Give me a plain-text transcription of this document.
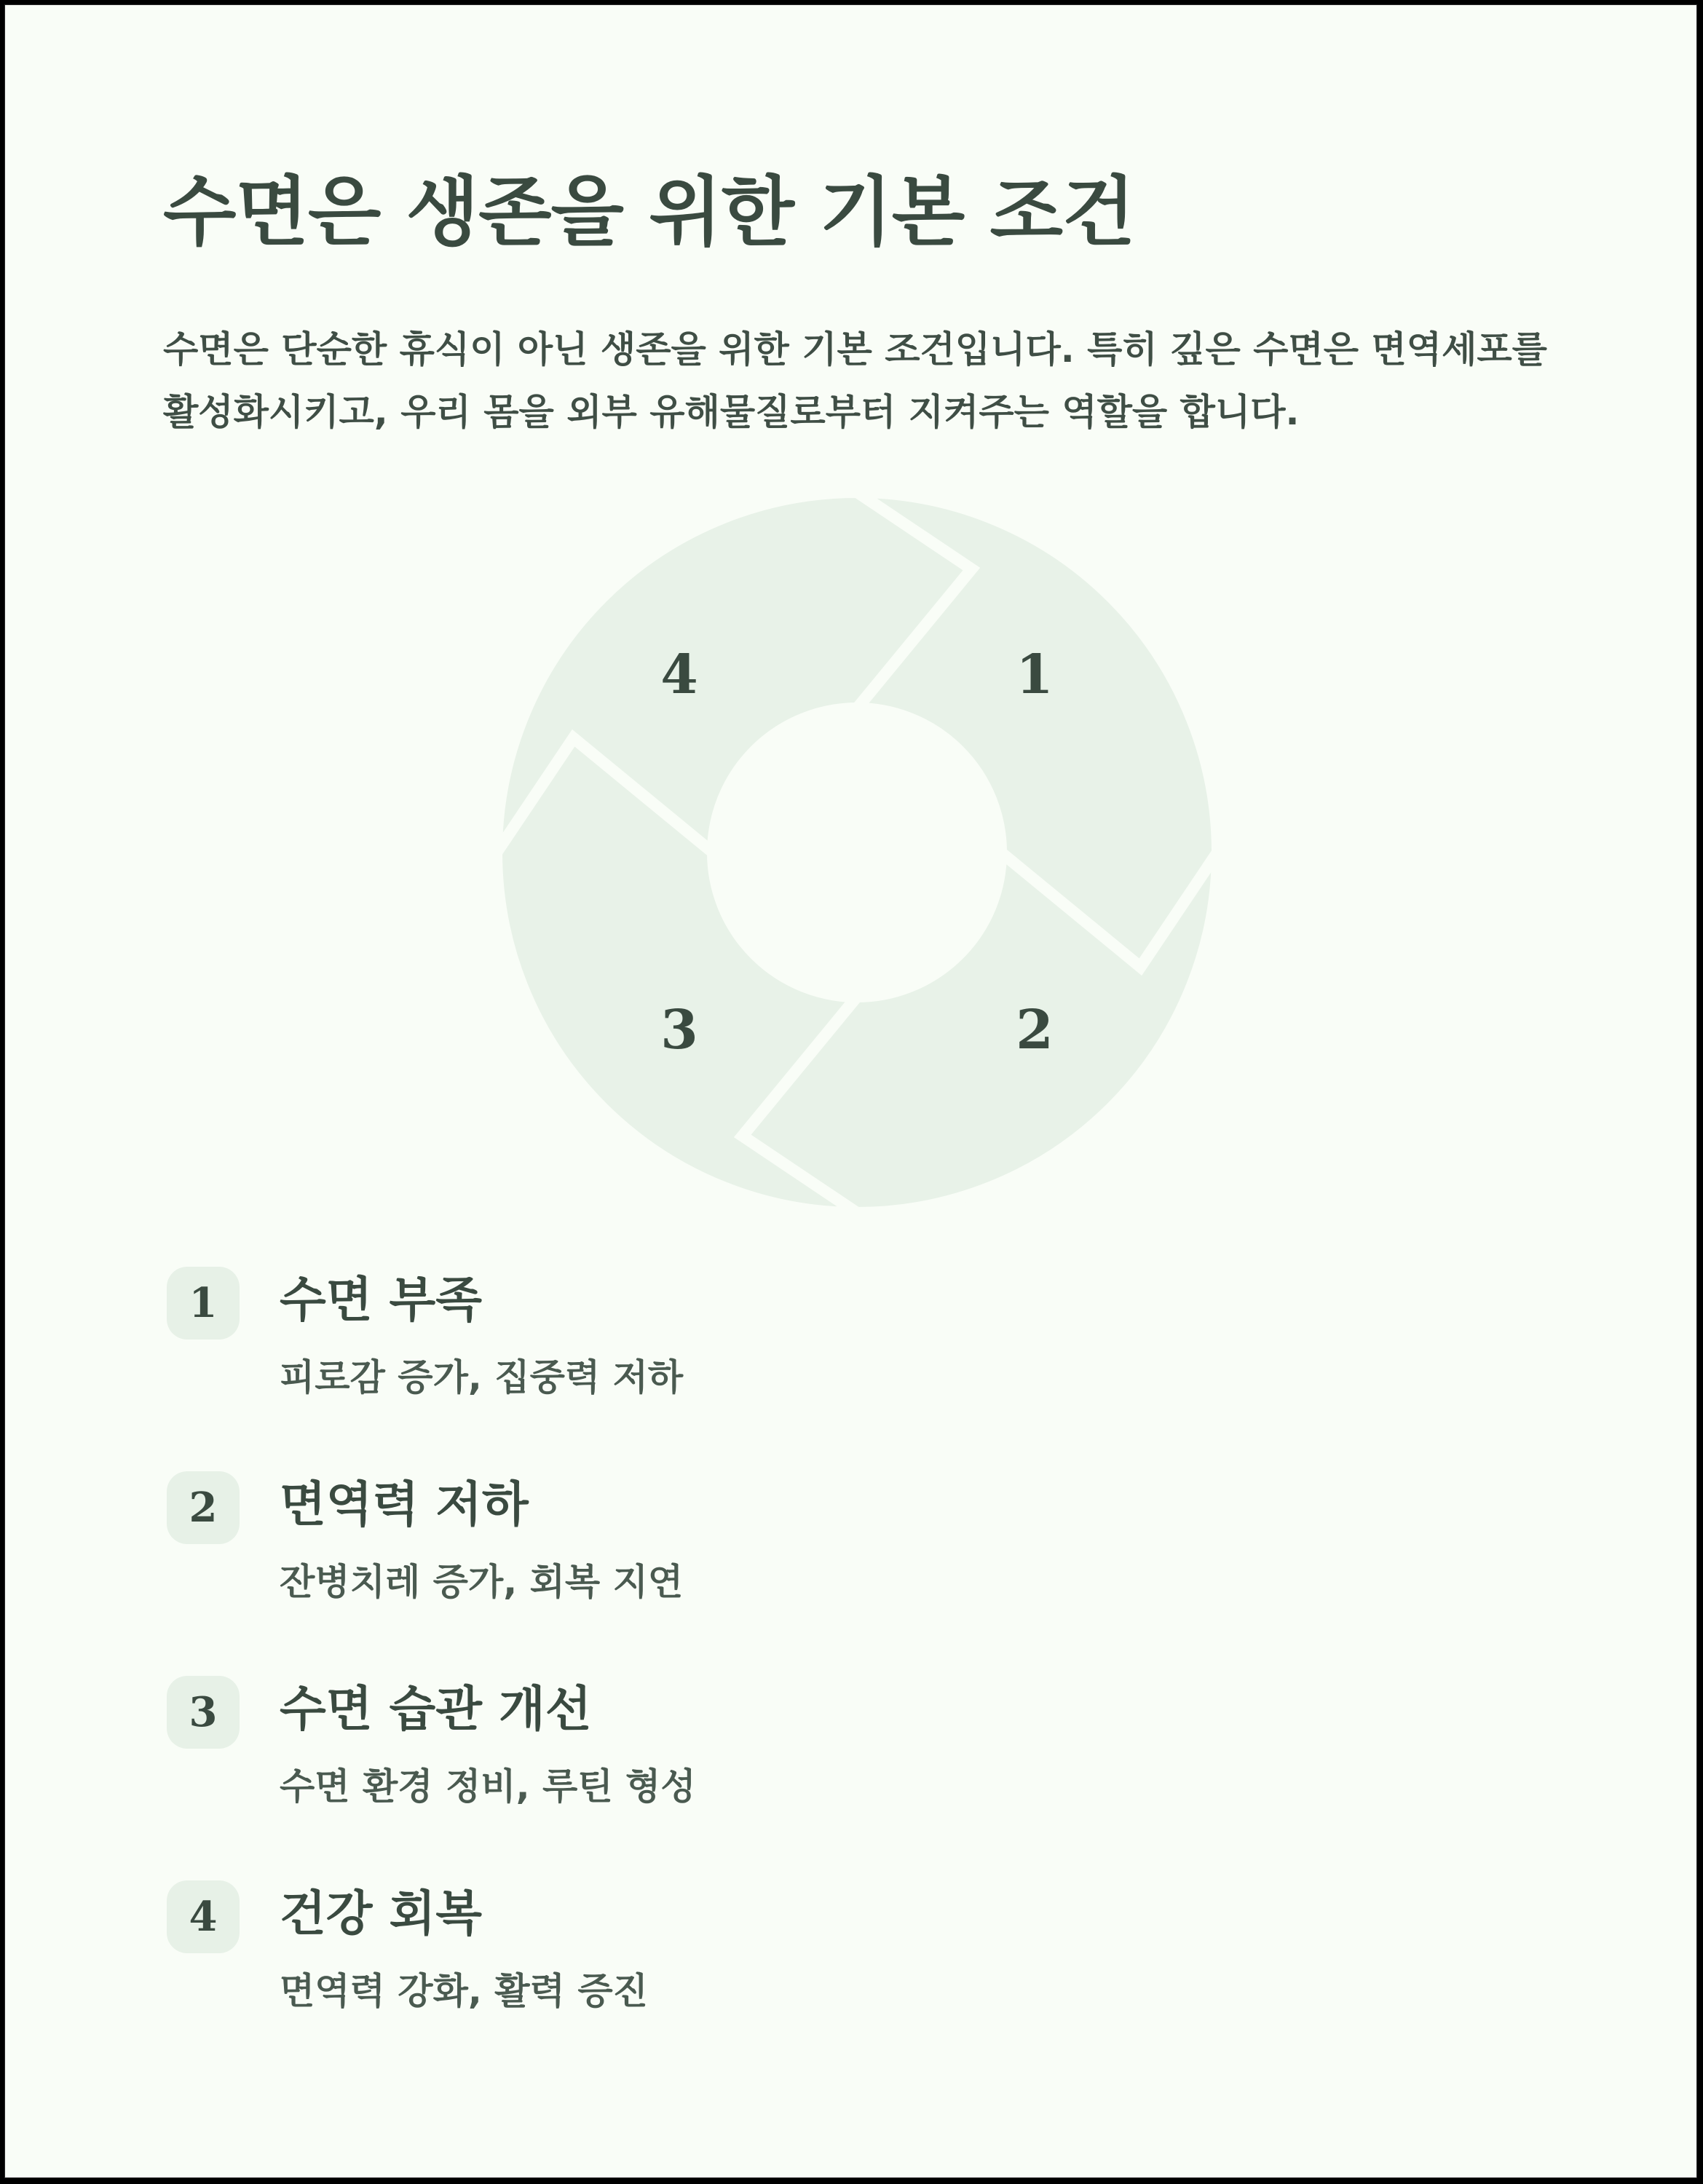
수면은 생존을 위한 기본 조건

수면은 단순한 휴식이 아닌 생존을 위한 기본 조건입니다. 특히 깊은 수면은 면역세포를 활성화시키고, 우리 몸을 외부 유해물질로부터 지켜주는 역할을 합니다.

1
2
3
4
1	수면 부족
피로감 증가, 집중력 저하
2	면역력 저하
잔병치레 증가, 회복 지연
3	수면 습관 개선
수면 환경 정비, 루틴 형성
4	건강 회복
면역력 강화, 활력 증진
